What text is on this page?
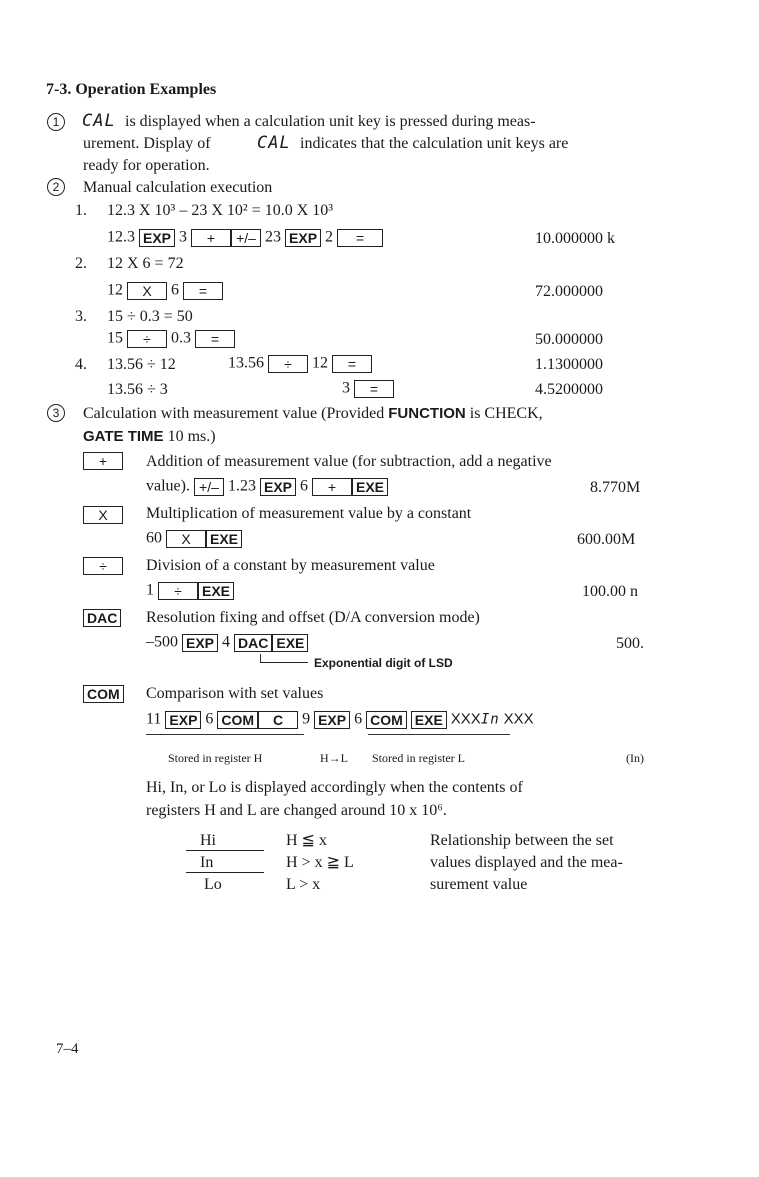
7-3. Operation Examples
1	CAL is displayed when a calculation unit key is pressed during meas-
urement. Display of	CAL indicates that the calculation unit keys are
ready for operation.
2	Manual calculation execution
1. 12.3 X 10³ – 23 X 10² = 10.0 X 10³
12.3 EXP 3 + +/– 23 EXP 2 =	10.000000 k
2. 12 X 6 = 72
12 X 6 =	72.000000
3. 15 ÷ 0.3 = 50
15 ÷ 0.3 =	50.000000
4. 13.56 ÷ 12	13.56 ÷ 12 =	1.1300000
13.56 ÷ 3	3 =	4.5200000
3	Calculation with measurement value (Provided FUNCTION is CHECK,
GATE TIME 10 ms.)
+	Addition of measurement value (for subtraction, add a negative
value). +/– 1.23 EXP 6 + EXE	8.770M
X	Multiplication of measurement value by a constant
60 X EXE	600.00M
÷	Division of a constant by measurement value
1 ÷ EXE	100.00 n
DAC Resolution fixing and offset (D/A conversion mode)
–500 EXP 4 DAC EXE	500.
Exponential digit of LSD
COM Comparison with set values
11 EXP 6 COM C 9 EXP 6 COM EXE XXXIn XXX
Stored in register H	H→L Stored in register L	(In)
Hi, In, or Lo is displayed accordingly when the contents of
registers H and L are changed around 10 x 10⁶.
Hi	H ≦ x
In	H > x ≧ L
Lo	L > x
Relationship between the set
values displayed and the mea-
surement value
7–4
